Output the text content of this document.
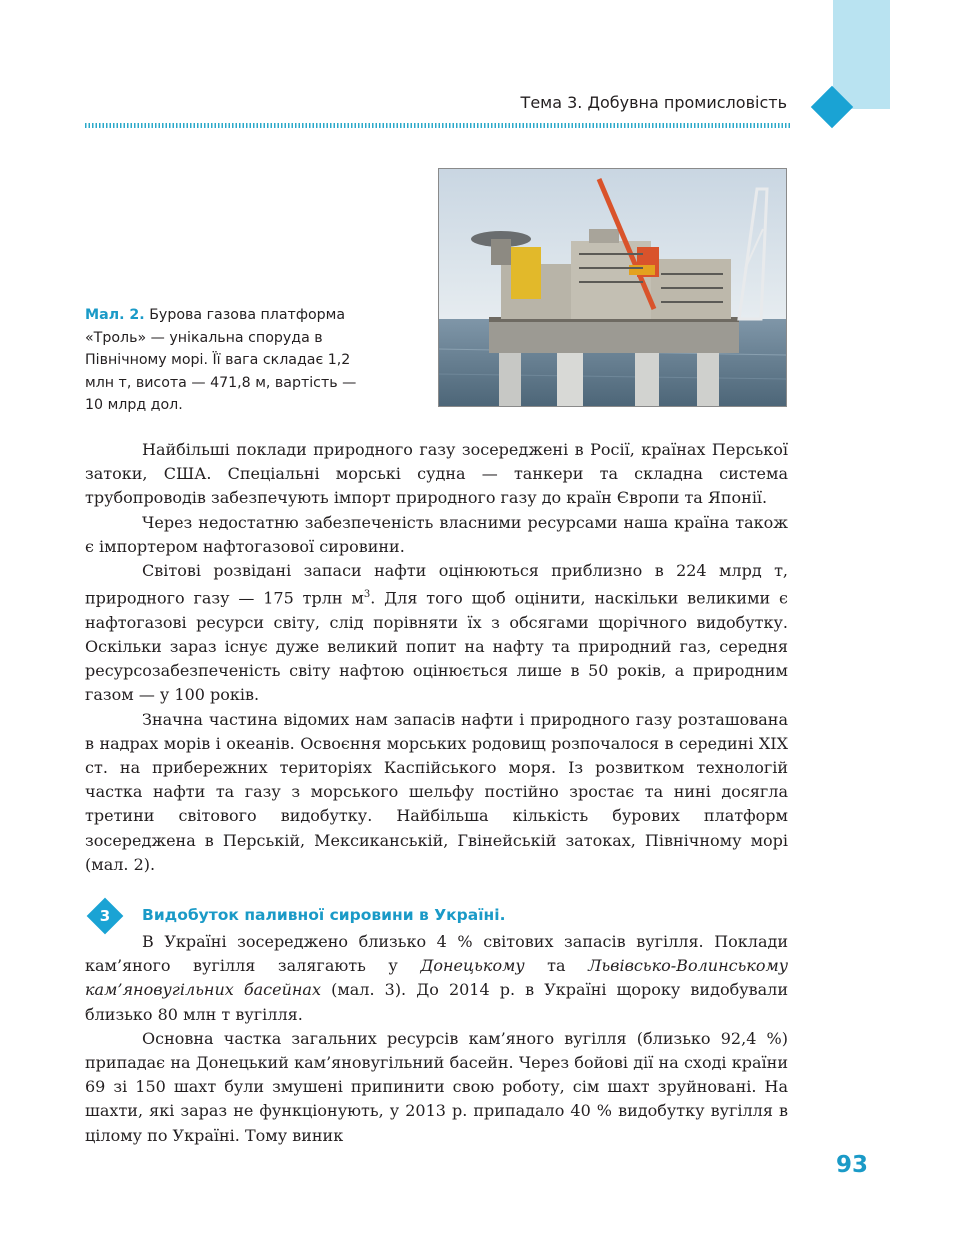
Тема 3. Добувна промисловість
Мал. 2. Бурова газова платформа «Троль» — унікальна споруда в Північному морі. Її вага складає 1,2 млн т, висота — 471,8 м, вартість — 10 млрд дол.

Найбільші поклади природного газу зосереджені в Росії, країнах Перської затоки, США. Спеціальні морські судна — танкери та складна система трубопроводів забезпечують імпорт природного газу до країн Європи та Японії.

Через недостатню забезпеченість власними ресурсами наша країна також є імпортером нафтогазової сировини.

Світові розвідані запаси нафти оцінюються приблизно в 224 млрд т, природного газу — 175 трлн $м^3$. Для того щоб оцінити, наскільки великими є нафтогазові ресурси світу, слід порівняти їх з обсягами щорічного видобутку. Оскільки зараз існує дуже великий попит на нафту та природний газ, середня ресурсозабезпеченість світу нафтою оцінюється лише в 50 років, а природним газом — у 100 років.

Значна частина відомих нам запасів нафти і природного газу розташована в надрах морів і океанів. Освоєння морських родовищ розпочалося в середині XIX ст. на прибережних територіях Каспійського моря. Із розвитком технологій частка нафти та газу з морського шельфу постійно зростає та нині досягла третини світового видобутку. Найбільша кількість бурових платформ зосереджена в Перській, Мексиканській, Гвінейській затоках, Північному морі (мал. 2).

3	Видобуток паливної сировини в Україні.

В Україні зосереджено близько 4 % світових запасів вугілля. Поклади кам’яного вугілля залягають у Донецькому та Львівсько-Волинському кам’яновугільних басейнах (мал. 3). До 2014 р. в Україні щороку видобували близько 80 млн т вугілля.

Основна частка загальних ресурсів кам’яного вугілля (близько 92,4 %) припадає на Донецький кам’яновугільний басейн. Через бойові дії на сході країни 69 зі 150 шахт були змушені припинити свою роботу, сім шахт зруйновані. На шахти, які зараз не функціонують, у 2013 р. припадало 40 % видобутку вугілля в цілому по Україні. Тому виник

93
